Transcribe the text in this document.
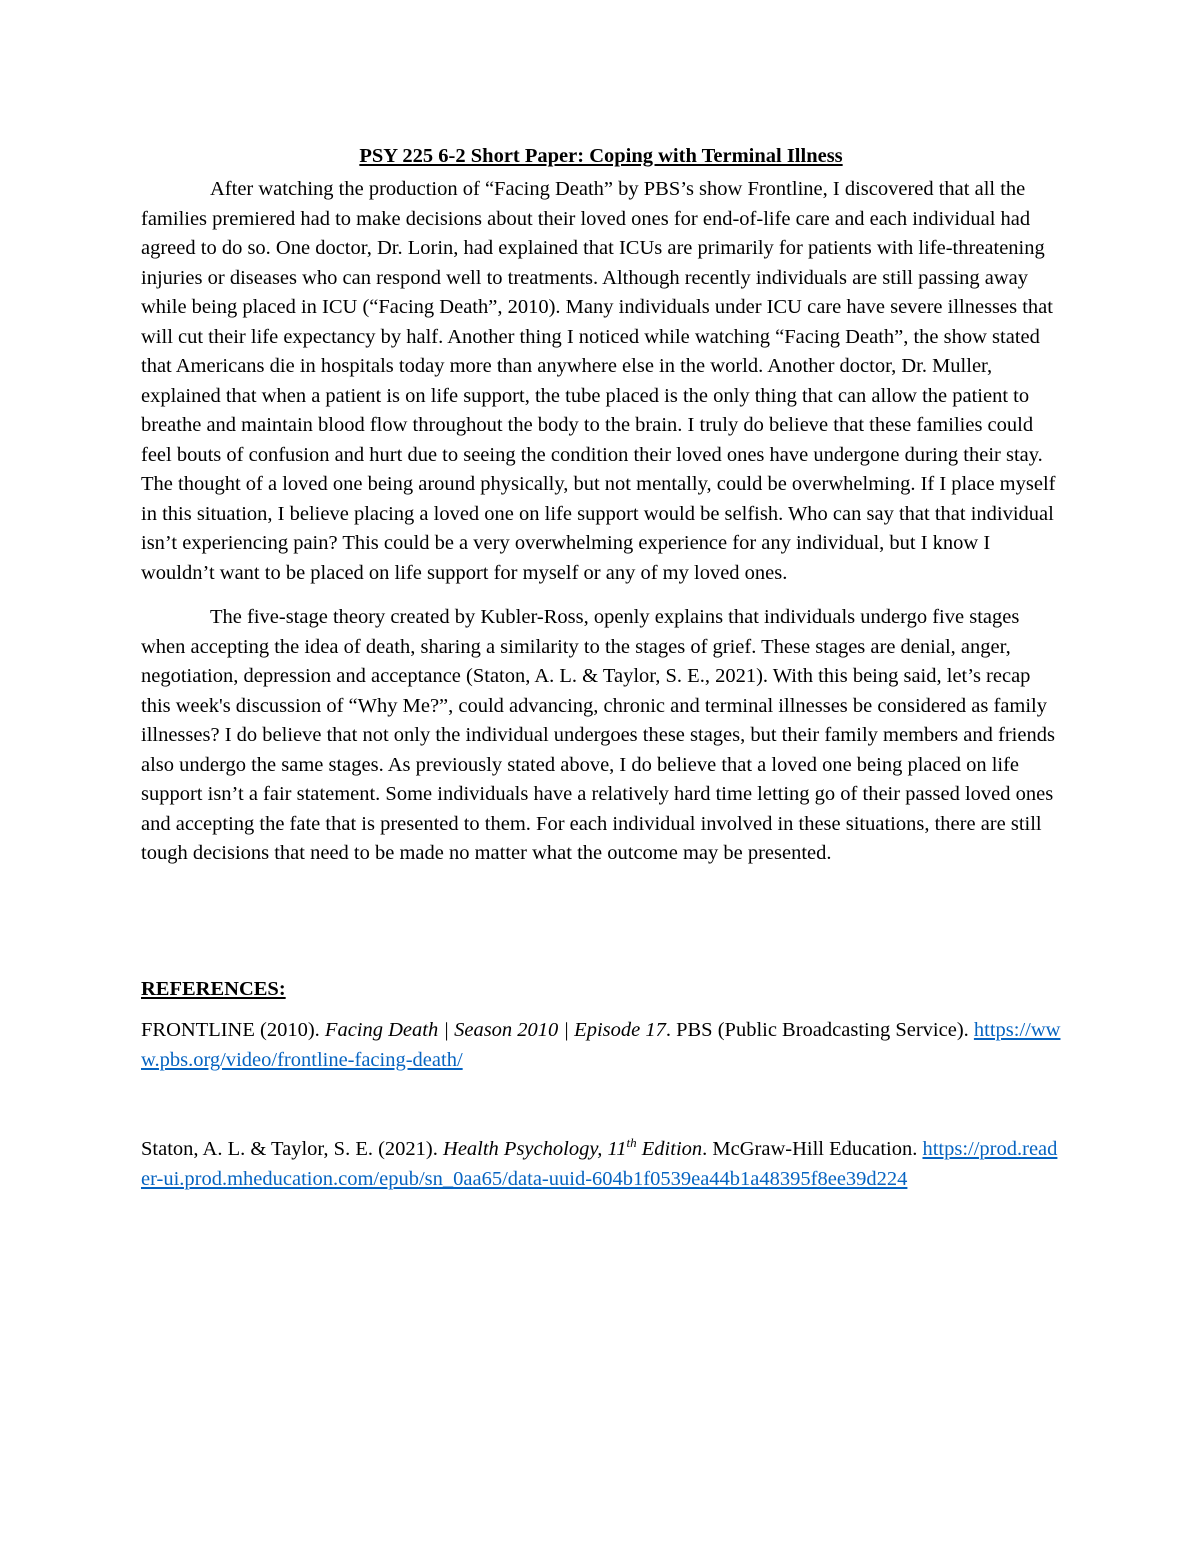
PSY 225 6-2 Short Paper: Coping with Terminal Illness

After watching the production of “Facing Death” by PBS’s show Frontline, I discovered that all the families premiered had to make decisions about their loved ones for end-of-life care and each individual had agreed to do so. One doctor, Dr. Lorin, had explained that ICUs are primarily for patients with life-threatening injuries or diseases who can respond well to treatments. Although recently individuals are still passing away while being placed in ICU (“Facing Death”, 2010). Many individuals under ICU care have severe illnesses that will cut their life expectancy by half. Another thing I noticed while watching “Facing Death”, the show stated that Americans die in hospitals today more than anywhere else in the world. Another doctor, Dr. Muller, explained that when a patient is on life support, the tube placed is the only thing that can allow the patient to breathe and maintain blood flow throughout the body to the brain. I truly do believe that these families could feel bouts of confusion and hurt due to seeing the condition their loved ones have undergone during their stay. The thought of a loved one being around physically, but not mentally, could be overwhelming. If I place myself in this situation, I believe placing a loved one on life support would be selfish. Who can say that that individual isn’t experiencing pain? This could be a very overwhelming experience for any individual, but I know I wouldn’t want to be placed on life support for myself or any of my loved ones.

The five-stage theory created by Kubler-Ross, openly explains that individuals undergo five stages when accepting the idea of death, sharing a similarity to the stages of grief. These stages are denial, anger, negotiation, depression and acceptance (Staton, A. L. & Taylor, S. E., 2021). With this being said, let’s recap this week's discussion of “Why Me?”, could advancing, chronic and terminal illnesses be considered as family illnesses? I do believe that not only the individual undergoes these stages, but their family members and friends also undergo the same stages. As previously stated above, I do believe that a loved one being placed on life support isn’t a fair statement. Some individuals have a relatively hard time letting go of their passed loved ones and accepting the fate that is presented to them. For each individual involved in these situations, there are still tough decisions that need to be made no matter what the outcome may be presented.

REFERENCES:

FRONTLINE (2010). Facing Death | Season 2010 | Episode 17. PBS (Public Broadcasting Service). https://www.pbs.org/video/frontline-facing-death/

Staton, A. L. & Taylor, S. E. (2021). Health Psychology, 11th Edition. McGraw-Hill Education. https://prod.reader-ui.prod.mheducation.com/epub/sn_0aa65/data-uuid-604b1f0539ea44b1a48395f8ee39d224
